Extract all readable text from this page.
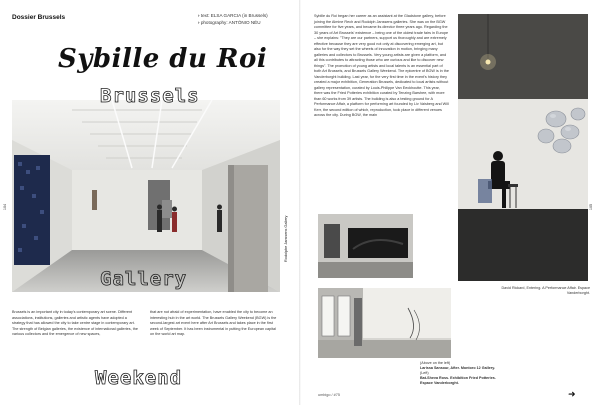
Dossier Brussels	› text: ELSA GARCIA (in Brussels)
› photography: ANTÓNIO NÉU
Sybille du Roi
Brussels
Gallery
Rodolphe Janssens Gallery
104
Brussels is an important city in today's contemporary art scene. Different associations, institutions, galleries and artistic agents have adopted a strategy that has allowed the city to take centre stage in contemporary art. The strength of Belgian galleries, the existence of international galleries, the various collectors and the emergence of new spaces,
that are not afraid of experimentation, have enabled the city to become an interesting hub in the art world. The Brussels Gallery Weekend (BGW) is the second-largest art event here after Art Brussels and takes place in the first week of September. It has been instrumental in putting the European capital on the world art map.
Weekend
Sybille du Roi began her career as an assistant at the Gladstone gallery, before joining the Almine Rech and Rodolph Janssens galleries. She was on the BGW committee for five years, and became its director three years ago. Regarding the 30 years of Art Brussels' existence – being one of the oldest trade fairs in Europe – she explains: "They are our partners, support us thoroughly and are extremely effective because they are very good not only at discovering emerging art, but also for the way they set the wheels of innovation in motion, bringing many galleries and collectors to Brussels. Very young artists are given a platform, and all this contributes to attracting those who are curious and like to discover new things". The promotion of young artists and local talents is an essential part of both Art Brussels, and Brussels Gallery Weekend. The epicentre of BGW is in the Vanderborght building. Last year, for the very first time in the event's history they created a major exhibition, Generation Brussels, dedicated to local artists without gallery representation, curated by Louis-Philippe Van Eeckhoutte. This year, there was the Fried Potteries exhibition curated by Tenzing Barshee, with more than 60 works from 39 artists. The building is also a testing ground for A Performance Affair, a platform for performing art founded by Liv Vaisberg and Will Kerr, the second edition of which, reproduction, took place in different venues across the city. During BGW, the main
David Rickard, Entering. A Performance Affair. Espace Vanderborght.
(Above on the left)
Larissa Sansour, After. Montoro 12 Gallery.
(Left)
Bat-Sheva Ross. Exhibition Fried Potteries.
Espace Vanderborght.
105
umbigo / #75	➜
